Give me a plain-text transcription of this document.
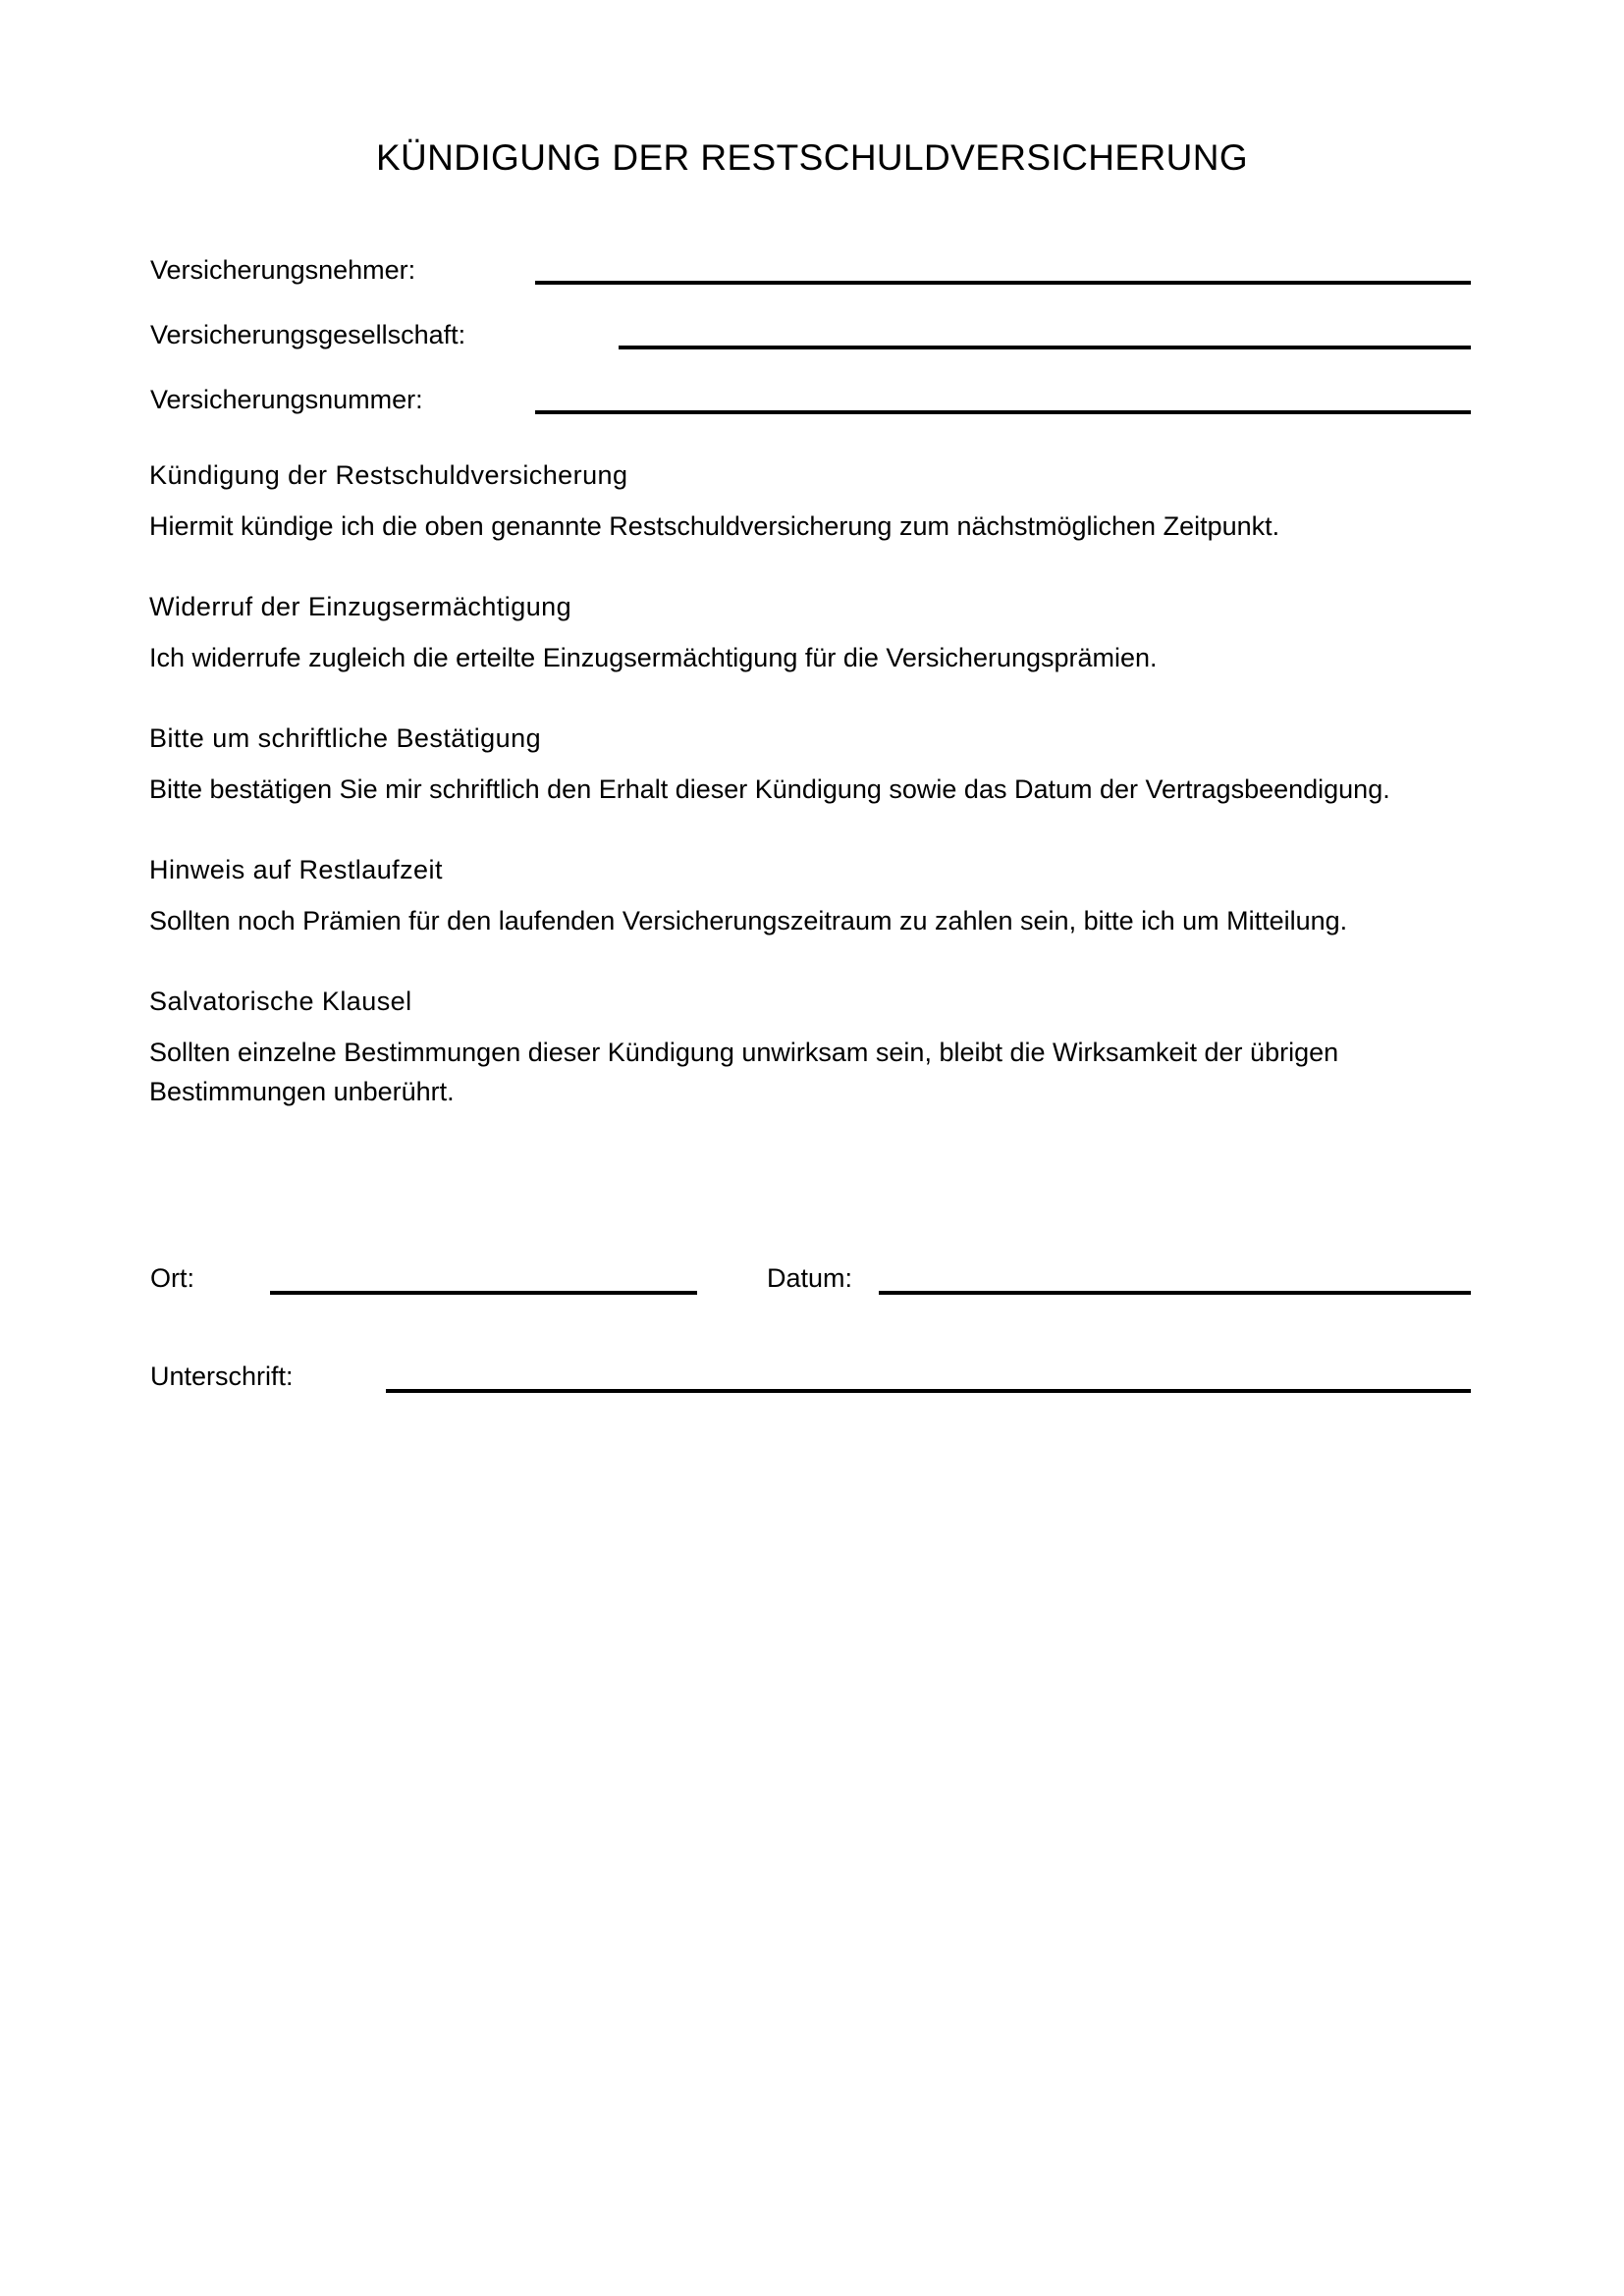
KÜNDIGUNG DER RESTSCHULDVERSICHERUNG
Versicherungsnehmer:
Versicherungsgesellschaft:
Versicherungsnummer:
Kündigung der Restschuldversicherung

Hiermit kündige ich die oben genannte Restschuldversicherung zum nächstmöglichen Zeitpunkt.

Widerruf der Einzugsermächtigung

Ich widerrufe zugleich die erteilte Einzugsermächtigung für die Versicherungsprämien.

Bitte um schriftliche Bestätigung

Bitte bestätigen Sie mir schriftlich den Erhalt dieser Kündigung sowie das Datum der Vertragsbeendigung.

Hinweis auf Restlaufzeit

Sollten noch Prämien für den laufenden Versicherungszeitraum zu zahlen sein, bitte ich um Mitteilung.

Salvatorische Klausel

Sollten einzelne Bestimmungen dieser Kündigung unwirksam sein, bleibt die Wirksamkeit der übrigen Bestimmungen unberührt.

Ort:	Datum:
Unterschrift:
